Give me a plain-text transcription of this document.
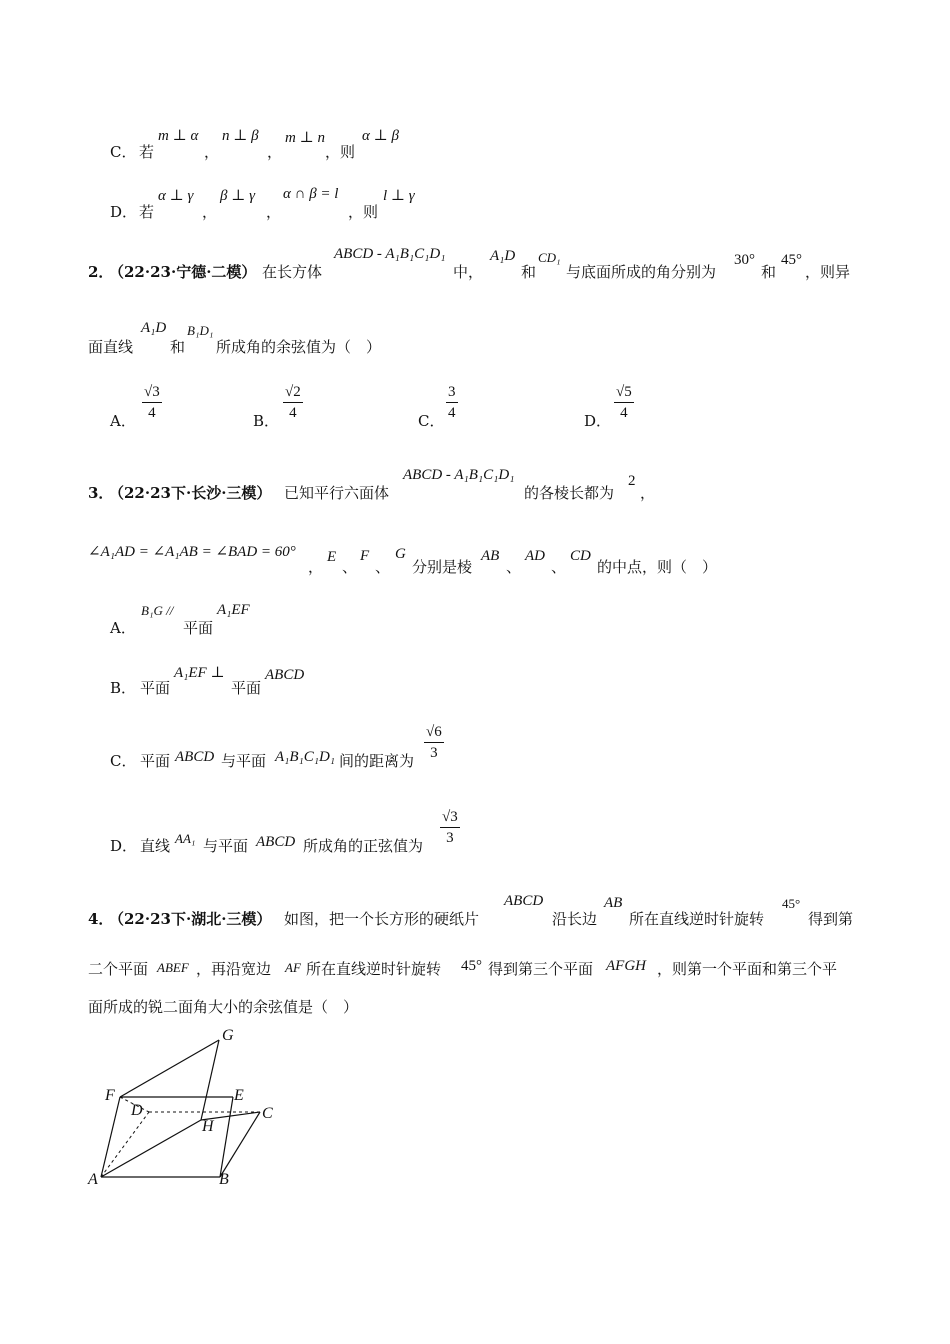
C． 若
m ⊥ α
，
n ⊥ β
，
m ⊥ n
，则
α ⊥ β
D． 若
α ⊥ γ
，
β ⊥ γ
，
α ∩ β = l
，则
l ⊥ γ
2．
（22·23·宁德·二模） 在长方体
ABCD - A₁B₁C₁D₁
中，
A₁D
和
CD₁
与底面所成的角分别为
30°
和
45°
，则异
面直线
A₁D
和
B₁D₁
所成角的余弦值为（　）
A． $\frac{√3}{4}$	B． $\frac{√2}{4}$	C． $\frac{3}{4}$	D． $\frac{√5}{4}$
3．
（22·23下·长沙·三模） 已知平行六面体
ABCD - A₁B₁C₁D₁
的各棱长都为
2
，
∠A₁AD = ∠A₁AB = ∠BAD = 60°
，
E
、
F
、
G
分别是棱
AB
、
AD
、
CD
的中点，则（　）
A．
B₁G //
平面
A₁EF
B． 平面
A₁EF ⊥
平面
ABCD
C． 平面 ABCD 与平面 A₁B₁C₁D₁ 间的距离为 $\frac{√6}{3}$
D． 直线 AA₁ 与平面 ABCD 所成角的正弦值为 $\frac{√3}{3}$
4．
（22·23下·湖北·三模） 如图，把一个长方形的硬纸片
ABCD
沿长边
AB
所在直线逆时针旋转
45°
得到第
二个平面 ABEF ，再沿宽边 AF 所在直线逆时针旋转 45° 得到第三个平面 AFGH ，则第一个平面和第三个平
面所成的锐二面角大小的余弦值是（　）
G
F	E
D	C
H
A	B
